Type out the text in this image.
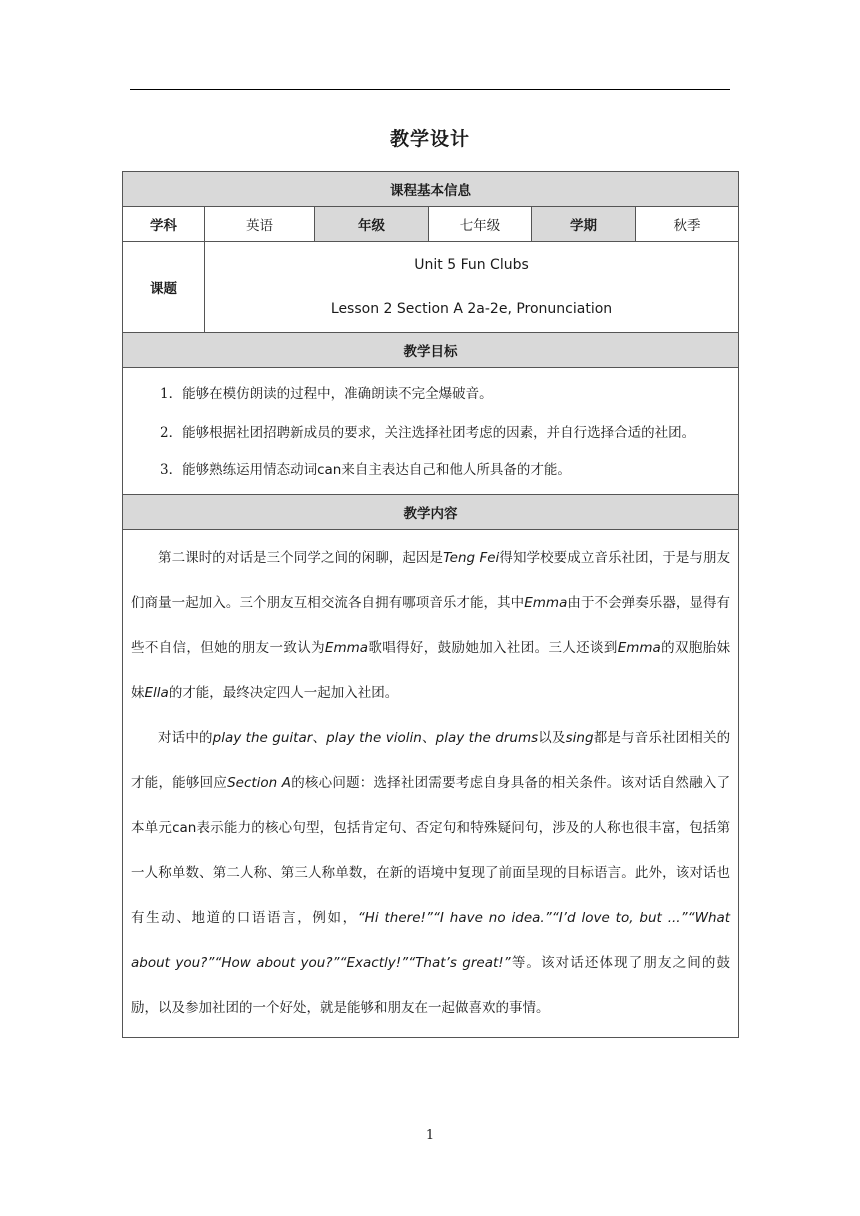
教学设计
课程基本信息					
学科	英语	年级	七年级	学期	秋季
课题	Unit 5 Fun Clubs
Lesson 2 Section A 2a-2e, Pronunciation				

教学目标					

1．能够在模仿朗读的过程中，准确朗读不完全爆破音。

2．能够根据社团招聘新成员的要求，关注选择社团考虑的因素，并自行选择合适的社团。

3．能够熟练运用情态动词can来自主表达自己和他人所具备的才能。					

教学内容					

第二课时的对话是三个同学之间的闲聊，起因是Teng Fei得知学校要成立音乐社团，于是与朋友们商量一起加入。三个朋友互相交流各自拥有哪项音乐才能，其中Emma由于不会弹奏乐器，显得有些不自信，但她的朋友一致认为Emma歌唱得好，鼓励她加入社团。三人还谈到Emma的双胞胎妹妹Ella的才能，最终决定四人一起加入社团。

对话中的play the guitar、play the violin、play the drums以及sing都是与音乐社团相关的才能，能够回应Section A的核心问题：选择社团需要考虑自身具备的相关条件。该对话自然融入了本单元can表示能力的核心句型，包括肯定句、否定句和特殊疑问句，涉及的人称也很丰富，包括第一人称单数、第二人称、第三人称单数，在新的语境中复现了前面呈现的目标语言。此外，该对话也有生动、地道的口语语言，例如，“Hi there!”“I have no idea.”“I’d love to, but ...”“What about you?”“How about you?”“Exactly!”“That’s great!”等。该对话还体现了朋友之间的鼓励，以及参加社团的一个好处，就是能够和朋友在一起做喜欢的事情。					

1
